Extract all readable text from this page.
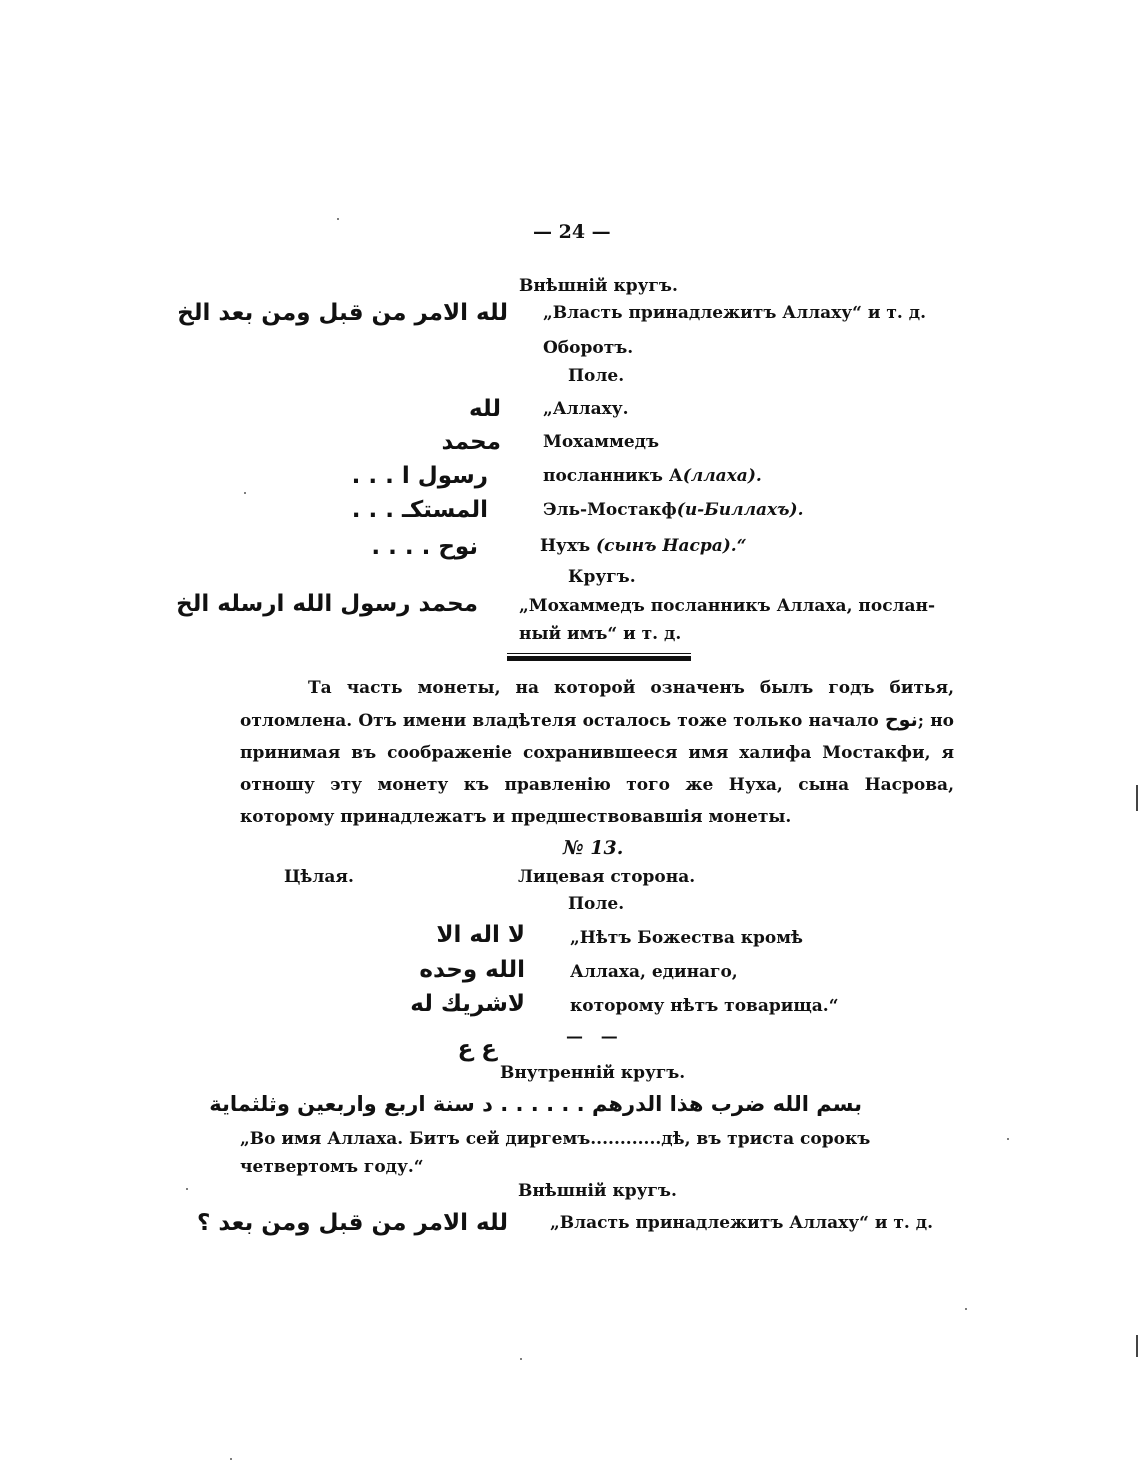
— 24 —
Внѣшній кругъ.
لله الامر من قبل ومن بعد الخ „Власть принадлежитъ Аллаху“ и т. д.
Оборотъ.
Поле.
لله „Аллаху.
محمد Мохаммедъ
رسول ا . . .	посланникъ А(ллаха).
المستكـ . . .	Эль-Мостакф(и-Биллахъ).
نوح . . . .	Нухъ (сынъ Насра).“
Кругъ.
محمد رسول الله ارسله الخ „Мохаммедъ посланникъ Аллаха, послан-
ный имъ“ и т. д.

Та часть монеты, на которой означенъ былъ годъ битья, отломлена. Отъ имени владѣтеля осталось тоже только начало نوح; но принимая въ соображеніе сохранившееся имя халифа Мостакфи, я отношу эту монету къ правленію того же Нуха, сына Насрова, которому принадлежатъ и предшествовавшія монеты.

№ 13.
Цѣлая.	Лицевая сторона.
Поле.
لا اله الا	„Нѣтъ Божества кромѣ
الله وحده	Аллаха, единаго,
لاشريك له	которому нѣтъ товарища.“
ع ع	—   —
Внутренній кругъ.
بسم الله ضرب هذا الدرهم . . . . . . د سنة اربع واربعين وثلثماية
„Во имя Аллаха. Битъ сей диргемъ............дѣ, въ триста сорокъ
четвертомъ году.“
Внѣшній кругъ.
لله الامر من قبل ومن بعد ؟ „Власть принадлежитъ Аллаху“ и т. д.
